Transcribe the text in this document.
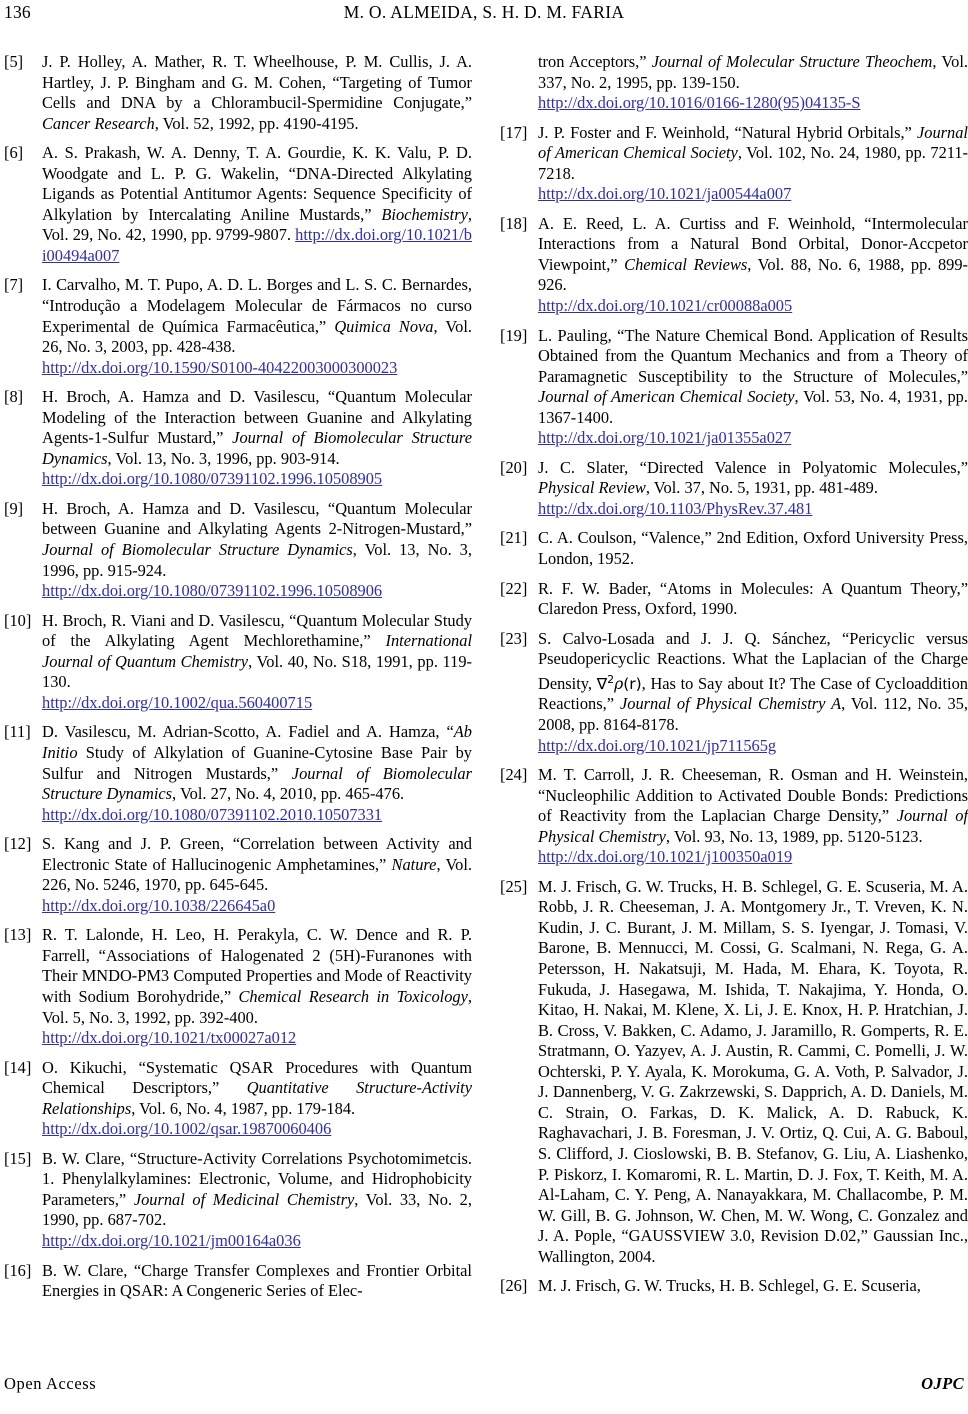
136	M. O. ALMEIDA, S. H. D. M. FARIA
[5]	J. P. Holley, A. Mather, R. T. Wheelhouse, P. M. Cullis, J. A. Hartley, J. P. Bingham and G. M. Cohen, “Targeting of Tumor Cells and DNA by a Chlorambucil-Spermidine Conjugate,” Cancer Research, Vol. 52, 1992, pp. 4190-4195.
[6]	A. S. Prakash, W. A. Denny, T. A. Gourdie, K. K. Valu, P. D. Woodgate and L. P. G. Wakelin, “DNA-Directed Alkylating Ligands as Potential Antitumor Agents: Sequence Specificity of Alkylation by Intercalating Aniline Mustards,” Biochemistry, Vol. 29, No. 42, 1990, pp. 9799-9807. http://dx.doi.org/10.1021/bi00494a007
[7]	I. Carvalho, M. T. Pupo, A. D. L. Borges and L. S. C. Bernardes, “Introdução a Modelagem Molecular de Fármacos no curso Experimental de Química Farmacêutica,” Quimica Nova, Vol. 26, No. 3, 2003, pp. 428-438.
http://dx.doi.org/10.1590/S0100-40422003000300023
[8]	H. Broch, A. Hamza and D. Vasilescu, “Quantum Molecular Modeling of the Interaction between Guanine and Alkylating Agents-1-Sulfur Mustard,” Journal of Biomolecular Structure Dynamics, Vol. 13, No. 3, 1996, pp. 903-914.
http://dx.doi.org/10.1080/07391102.1996.10508905
[9]	H. Broch, A. Hamza and D. Vasilescu, “Quantum Molecular between Guanine and Alkylating Agents 2-Nitrogen-Mustard,” Journal of Biomolecular Structure Dynamics, Vol. 13, No. 3, 1996, pp. 915-924.
http://dx.doi.org/10.1080/07391102.1996.10508906
[10] H. Broch, R. Viani and D. Vasilescu, “Quantum Molecular Study of the Alkylating Agent Mechlorethamine,” International Journal of Quantum Chemistry, Vol. 40, No. S18, 1991, pp. 119-130.
http://dx.doi.org/10.1002/qua.560400715
[11] D. Vasilescu, M. Adrian-Scotto, A. Fadiel and A. Hamza, “Ab Initio Study of Alkylation of Guanine-Cytosine Base Pair by Sulfur and Nitrogen Mustards,” Journal of Biomolecular Structure Dynamics, Vol. 27, No. 4, 2010, pp. 465-476.
http://dx.doi.org/10.1080/07391102.2010.10507331
[12] S. Kang and J. P. Green, “Correlation between Activity and Electronic State of Hallucinogenic Amphetamines,” Nature, Vol. 226, No. 5246, 1970, pp. 645-645.
http://dx.doi.org/10.1038/226645a0
[13] R. T. Lalonde, H. Leo, H. Perakyla, C. W. Dence and R. P. Farrell, “Associations of Halogenated 2 (5H)-Furanones with Their MNDO-PM3 Computed Properties and Mode of Reactivity with Sodium Borohydride,” Chemical Research in Toxicology, Vol. 5, No. 3, 1992, pp. 392-400.
http://dx.doi.org/10.1021/tx00027a012
[14] O. Kikuchi, “Systematic QSAR Procedures with Quantum Chemical Descriptors,” Quantitative Structure-Activity Relationships, Vol. 6, No. 4, 1987, pp. 179-184.
http://dx.doi.org/10.1002/qsar.19870060406
[15] B. W. Clare, “Structure-Activity Correlations Psychotomimetcis. 1. Phenylalkylamines: Electronic, Volume, and Hidrophobicity Parameters,” Journal of Medicinal Chemistry, Vol. 33, No. 2, 1990, pp. 687-702.
http://dx.doi.org/10.1021/jm00164a036
[16] B. W. Clare, “Charge Transfer Complexes and Frontier Orbital Energies in QSAR: A Congeneric Series of Elec-
tron Acceptors,” Journal of Molecular Structure Theochem, Vol. 337, No. 2, 1995, pp. 139-150.
http://dx.doi.org/10.1016/0166-1280(95)04135-S
[17] J. P. Foster and F. Weinhold, “Natural Hybrid Orbitals,” Journal of American Chemical Society, Vol. 102, No. 24, 1980, pp. 7211-7218.
http://dx.doi.org/10.1021/ja00544a007
[18] A. E. Reed, L. A. Curtiss and F. Weinhold, “Intermolecular Interactions from a Natural Bond Orbital, Donor-Accpetor Viewpoint,” Chemical Reviews, Vol. 88, No. 6, 1988, pp. 899-926.
http://dx.doi.org/10.1021/cr00088a005
[19] L. Pauling, “The Nature Chemical Bond. Application of Results Obtained from the Quantum Mechanics and from a Theory of Paramagnetic Susceptibility to the Structure of Molecules,” Journal of American Chemical Society, Vol. 53, No. 4, 1931, pp. 1367-1400.
http://dx.doi.org/10.1021/ja01355a027
[20] J. C. Slater, “Directed Valence in Polyatomic Molecules,” Physical Review, Vol. 37, No. 5, 1931, pp. 481-489.
http://dx.doi.org/10.1103/PhysRev.37.481
[21] C. A. Coulson, “Valence,” 2nd Edition, Oxford University Press, London, 1952.
[22] R. F. W. Bader, “Atoms in Molecules: A Quantum Theory,” Claredon Press, Oxford, 1990.
[23] S. Calvo-Losada and J. J. Q. Sánchez, “Pericyclic versus Pseudopericyclic Reactions. What the Laplacian of the Charge Density, ∇$^2$ρ(r), Has to Say about It? The Case of Cycloaddition Reactions,” Journal of Physical Chemistry A, Vol. 112, No. 35, 2008, pp. 8164-8178.
http://dx.doi.org/10.1021/jp711565g
[24] M. T. Carroll, J. R. Cheeseman, R. Osman and H. Weinstein, “Nucleophilic Addition to Activated Double Bonds: Predictions of Reactivity from the Laplacian Charge Density,” Journal of Physical Chemistry, Vol. 93, No. 13, 1989, pp. 5120-5123.
http://dx.doi.org/10.1021/j100350a019
[25] M. J. Frisch, G. W. Trucks, H. B. Schlegel, G. E. Scuseria, M. A. Robb, J. R. Cheeseman, J. A. Montgomery Jr., T. Vreven, K. N. Kudin, J. C. Burant, J. M. Millam, S. S. Iyengar, J. Tomasi, V. Barone, B. Mennucci, M. Cossi, G. Scalmani, N. Rega, G. A. Petersson, H. Nakatsuji, M. Hada, M. Ehara, K. Toyota, R. Fukuda, J. Hasegawa, M. Ishida, T. Nakajima, Y. Honda, O. Kitao, H. Nakai, M. Klene, X. Li, J. E. Knox, H. P. Hratchian, J. B. Cross, V. Bakken, C. Adamo, J. Jaramillo, R. Gomperts, R. E. Stratmann, O. Yazyev, A. J. Austin, R. Cammi, C. Pomelli, J. W. Ochterski, P. Y. Ayala, K. Morokuma, G. A. Voth, P. Salvador, J. J. Dannenberg, V. G. Zakrzewski, S. Dapprich, A. D. Daniels, M. C. Strain, O. Farkas, D. K. Malick, A. D. Rabuck, K. Raghavachari, J. B. Foresman, J. V. Ortiz, Q. Cui, A. G. Baboul, S. Clifford, J. Cioslowski, B. B. Stefanov, G. Liu, A. Liashenko, P. Piskorz, I. Komaromi, R. L. Martin, D. J. Fox, T. Keith, M. A. Al-Laham, C. Y. Peng, A. Nanayakkara, M. Challacombe, P. M. W. Gill, B. G. Johnson, W. Chen, M. W. Wong, C. Gonzalez and J. A. Pople, “GAUSSVIEW 3.0, Revision D.02,” Gaussian Inc., Wallington, 2004.
[26] M. J. Frisch, G. W. Trucks, H. B. Schlegel, G. E. Scuseria,
Open Access	OJPC
